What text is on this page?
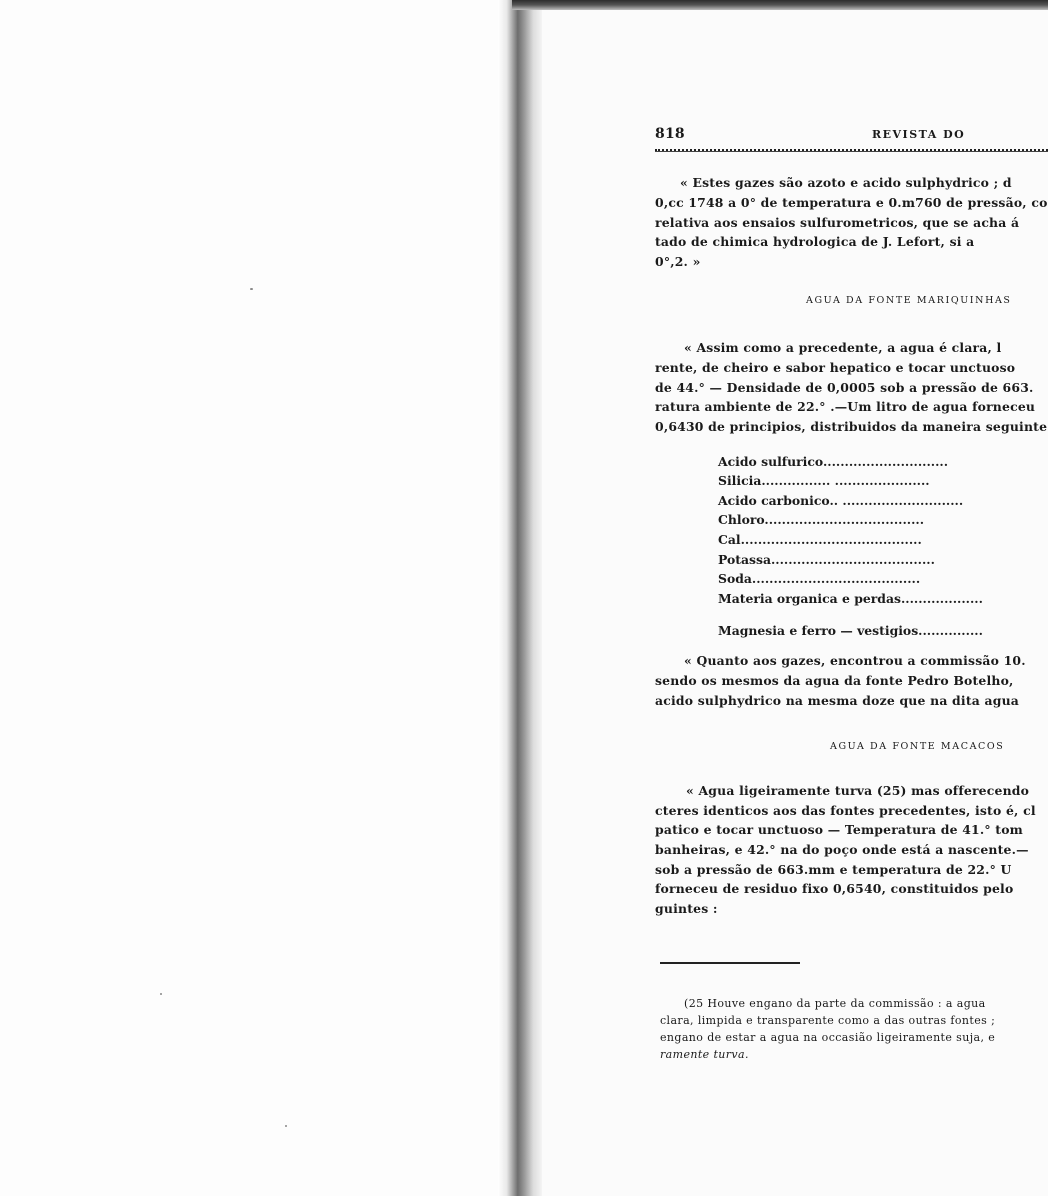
818	REVISTA DO
« Estes gazes são azoto e acido sulphydrico ; d
0,cc 1748 a 0° de temperatura e 0.m760 de pressão, co
relativa aos ensaios sulfurometricos, que se acha á
tado de chimica hydrologica de J. Lefort, si a
0°,2. »
AGUA DA FONTE MARIQUINHAS
« Assim como a precedente, a agua é clara, l
rente, de cheiro e sabor hepatico e tocar unctuoso
de 44.° — Densidade de 0,0005 sob a pressão de 663.
ratura ambiente de 22.° .—Um litro de agua forneceu
0,6430 de principios, distribuidos da maneira seguinte
Acido sulfurico.............................
Silicia................ ......................
Acido carbonico.. ............................
Chloro.....................................
Cal..........................................
Potassa......................................
Soda.......................................
Materia organica e perdas...................
Magnesia e ferro — vestigios...............
« Quanto aos gazes, encontrou a commissão 10.
sendo os mesmos da agua da fonte Pedro Botelho,
acido sulphydrico na mesma doze que na dita agua
AGUA DA FONTE MACACOS
« Agua ligeiramente turva (25) mas offerecendo
cteres identicos aos das fontes precedentes, isto é, cl
patico e tocar unctuoso — Temperatura de 41.° tom
banheiras, e 42.° na do poço onde está a nascente.—
sob a pressão de 663.mm e temperatura de 22.° U
forneceu de residuo fixo 0,6540, constituidos pelo
guintes :
(25 Houve engano da parte da commissão : a agua
clara, limpida e transparente como a das outras fontes ;
engano de estar a agua na occasião ligeiramente suja, e
ramente turva.
